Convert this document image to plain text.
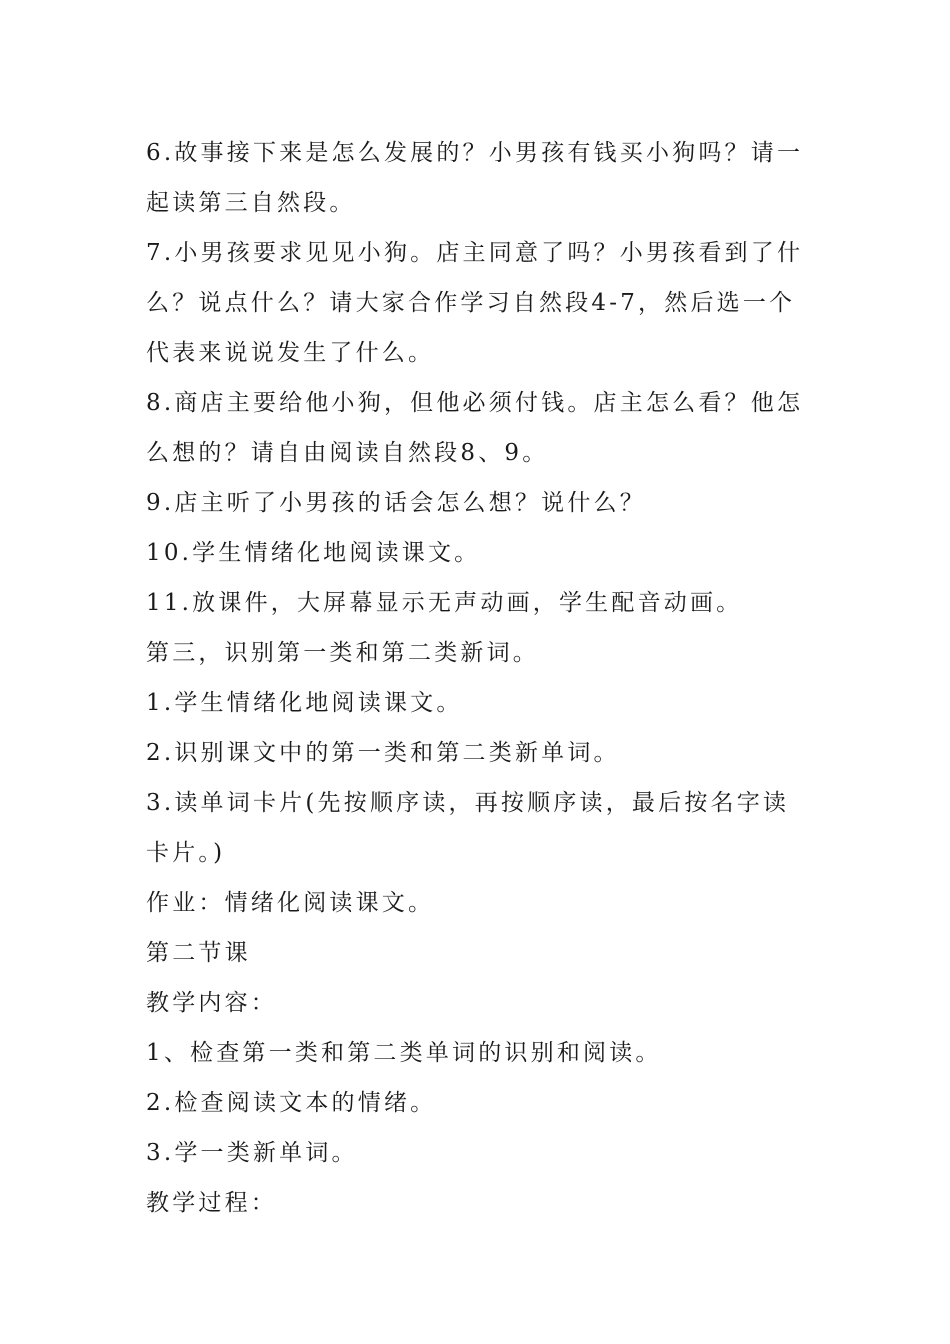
6.故事接下来是怎么发展的？小男孩有钱买小狗吗？请一起读第三自然段。

7.小男孩要求见见小狗。店主同意了吗？小男孩看到了什么？说点什么？请大家合作学习自然段4-7，然后选一个代表来说说发生了什么。

8.商店主要给他小狗，但他必须付钱。店主怎么看？他怎么想的？请自由阅读自然段8、9。

9.店主听了小男孩的话会怎么想？说什么？

10.学生情绪化地阅读课文。

11.放课件，大屏幕显示无声动画，学生配音动画。

第三，识别第一类和第二类新词。

1.学生情绪化地阅读课文。

2.识别课文中的第一类和第二类新单词。

3.读单词卡片(先按顺序读，再按顺序读，最后按名字读卡片。)

作业：情绪化阅读课文。

第二节课

教学内容：

1、检查第一类和第二类单词的识别和阅读。

2.检查阅读文本的情绪。

3.学一类新单词。

教学过程：
